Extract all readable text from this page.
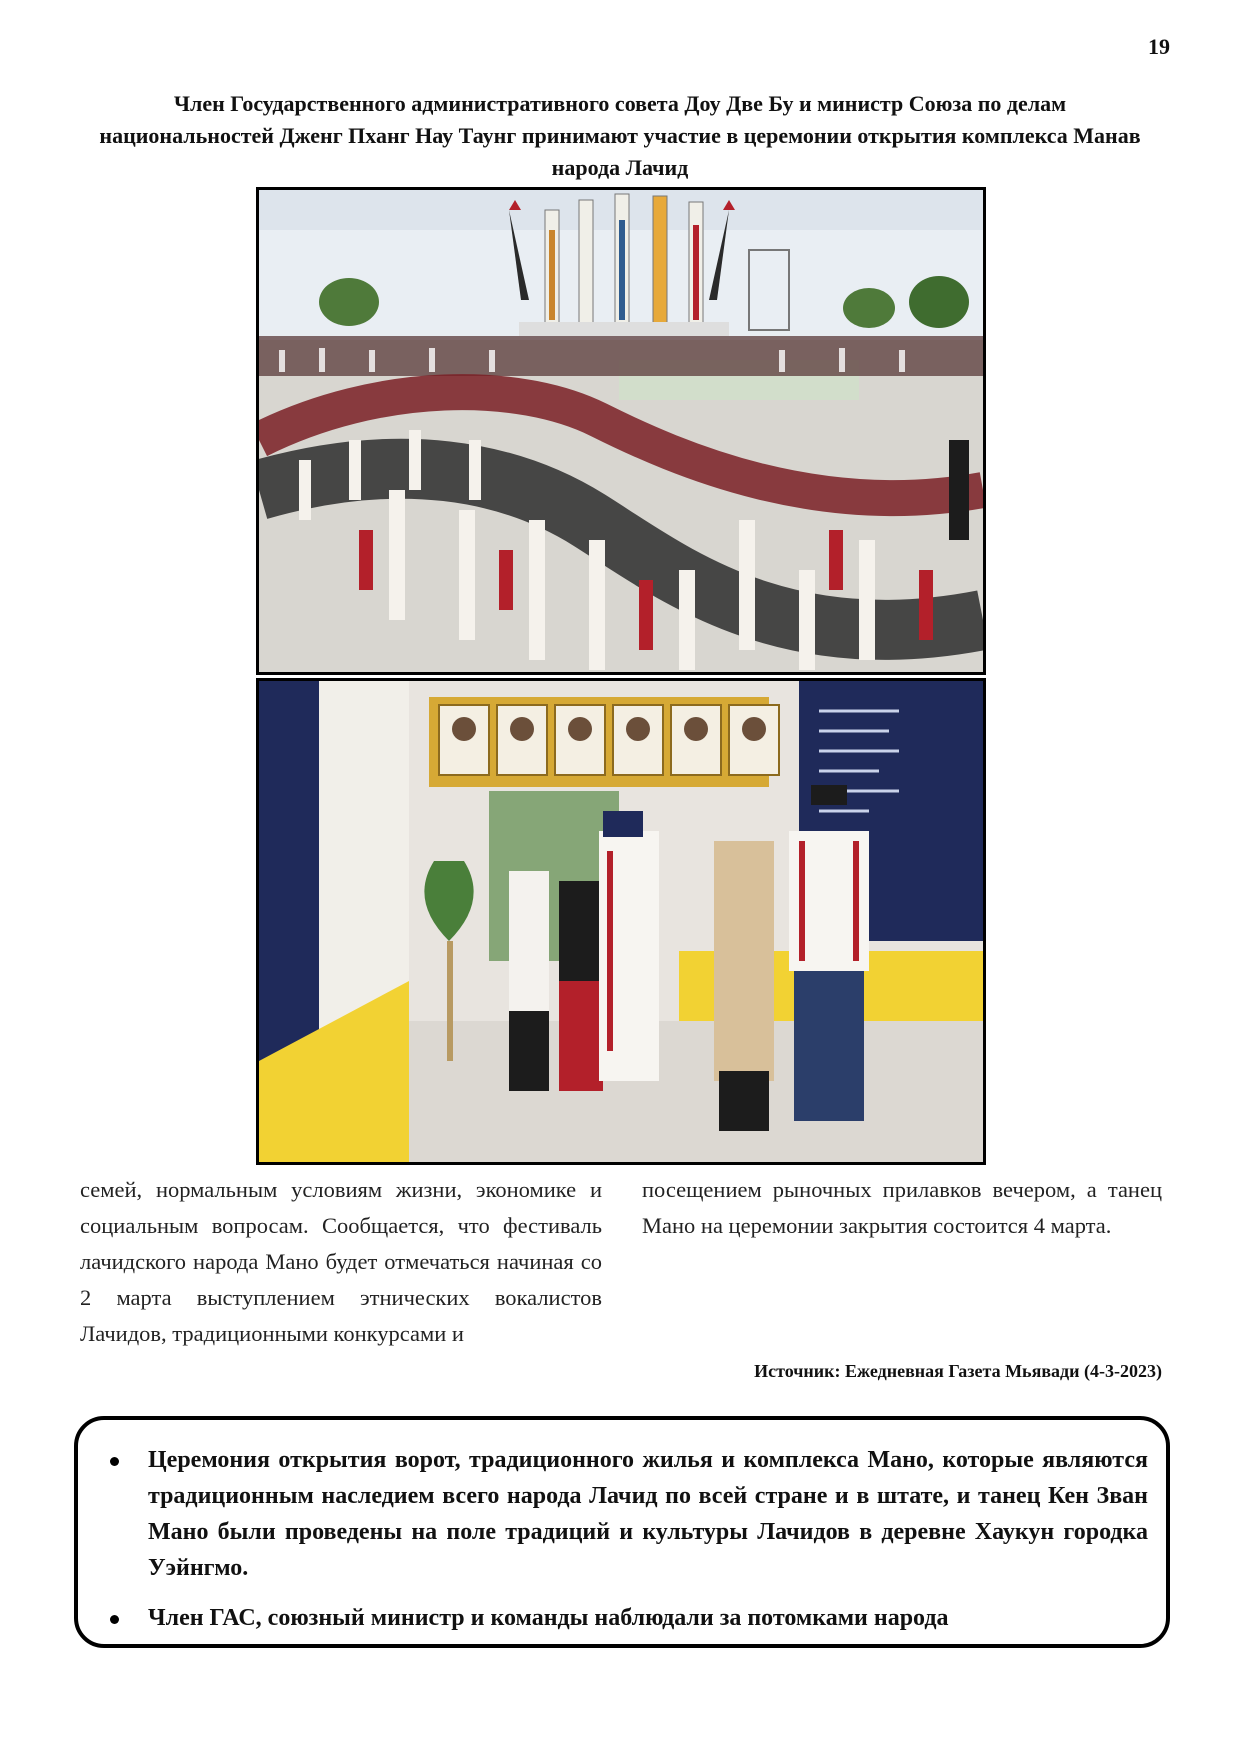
19
Член Государственного административного совета Доу Две Бу и министр Союза по делам национальностей Дженг Пханг Нау Таунг принимают участие в церемонии открытия комплекса Манав народа Лачид
семей, нормальным условиям жизни, экономике и социальным вопросам. Сообщается, что фестиваль лачидского народа Мано будет отмечаться начиная со 2 марта выступлением этнических вокалистов Лачидов, традиционными конкурсами и
посещением рыночных прилавков вечером, а танец Мано на церемонии закрытия состоится 4 марта.
Источник: Ежедневная Газета Мьявади (4-3-2023)
Церемония открытия ворот, традиционного жилья и комплекса Мано, которые являются традиционным наследием всего народа Лачид по всей стране и в штате, и танец Кен Зван Мано были проведены на поле традиций и культуры Лачидов в деревне Хаукун городка Уэйнгмо.
Член ГАС, союзный министр и команды наблюдали за потомками народа
